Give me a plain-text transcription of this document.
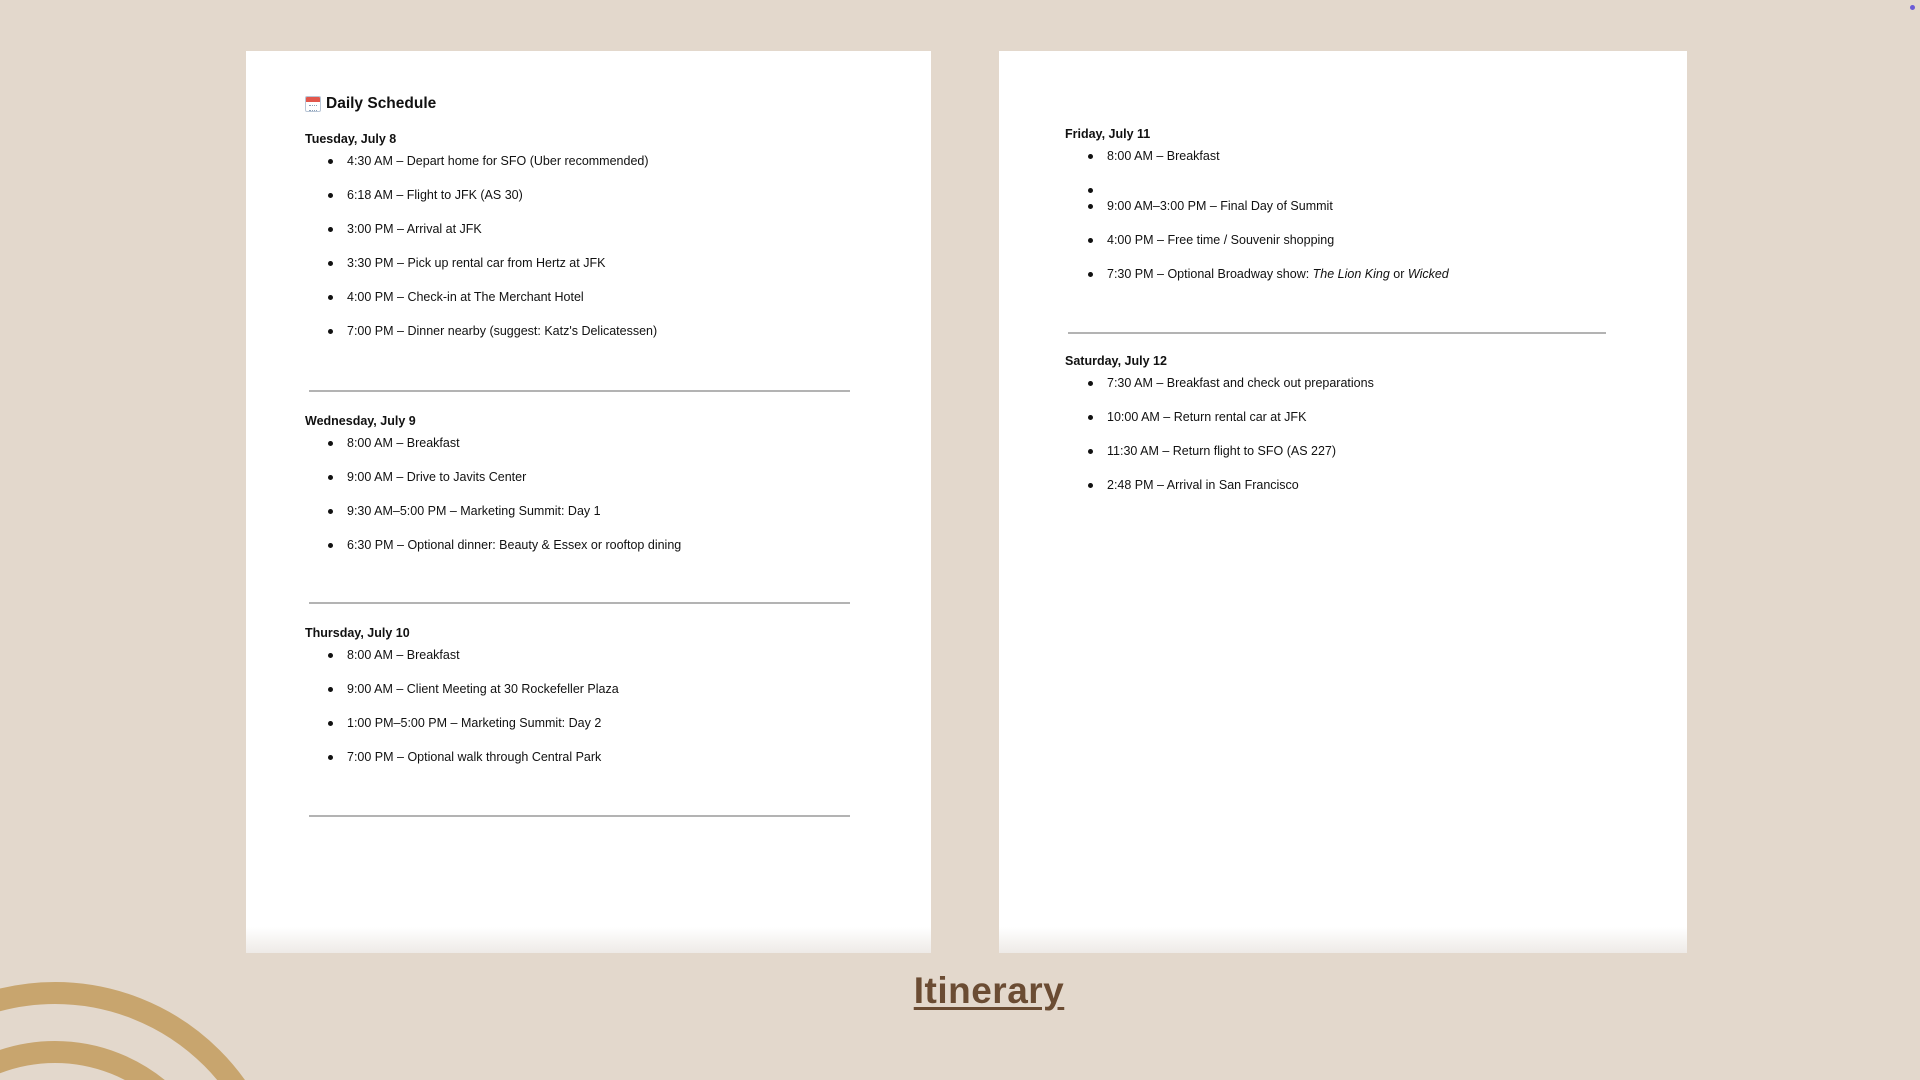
Daily Schedule
Tuesday, July 8
4:30 AM – Depart home for SFO (Uber recommended)
6:18 AM – Flight to JFK (AS 30)
3:00 PM – Arrival at JFK
3:30 PM – Pick up rental car from Hertz at JFK
4:00 PM – Check-in at The Merchant Hotel
7:00 PM – Dinner nearby (suggest: Katz's Delicatessen)
Wednesday, July 9
8:00 AM – Breakfast
9:00 AM – Drive to Javits Center
9:30 AM–5:00 PM – Marketing Summit: Day 1
6:30 PM – Optional dinner: Beauty & Essex or rooftop dining
Thursday, July 10
8:00 AM – Breakfast
9:00 AM – Client Meeting at 30 Rockefeller Plaza
1:00 PM–5:00 PM – Marketing Summit: Day 2
7:00 PM – Optional walk through Central Park
Friday, July 11
8:00 AM – Breakfast
9:00 AM–3:00 PM – Final Day of Summit
4:00 PM – Free time / Souvenir shopping
7:30 PM – Optional Broadway show: The Lion King or Wicked
Saturday, July 12
7:30 AM – Breakfast and check out preparations
10:00 AM – Return rental car at JFK
11:30 AM – Return flight to SFO (AS 227)
2:48 PM – Arrival in San Francisco
Itinerary
